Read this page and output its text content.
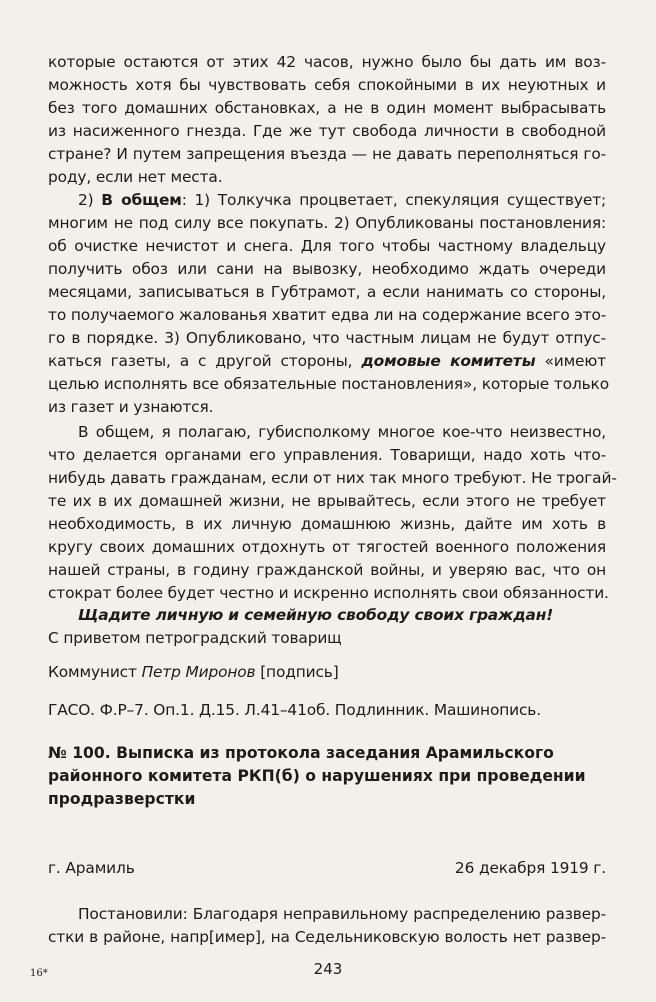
которые остаются от этих 42 часов, нужно было бы дать им воз-
можность хотя бы чувствовать себя спокойными в их неуютных и
без того домашних обстановках, а не в один момент выбрасывать
из насиженного гнезда. Где же тут свобода личности в свободной
стране? И путем запрещения въезда — не давать переполняться го-
роду, если нет места.
2) В общем: 1) Толкучка процветает, спекуляция существует;
многим не под силу все покупать. 2) Опубликованы постановления:
об очистке нечистот и снега. Для того чтобы частному владельцу
получить обоз или сани на вывозку, необходимо ждать очереди
месяцами, записываться в Губтрамот, а если нанимать со стороны,
то получаемого жалованья хватит едва ли на содержание всего это-
го в порядке. 3) Опубликовано, что частным лицам не будут отпус-
каться газеты, а с другой стороны, домовые комитеты «имеют
целью исполнять все обязательные постановления», которые только
из газет и узнаются.
В общем, я полагаю, губисполкому многое кое-что неизвестно,
что делается органами его управления. Товарищи, надо хоть что-
нибудь давать гражданам, если от них так много требуют. Не трогай-
те их в их домашней жизни, не врывайтесь, если этого не требует
необходимость, в их личную домашнюю жизнь, дайте им хоть в
кругу своих домашних отдохнуть от тягостей военного положения
нашей страны, в годину гражданской войны, и уверяю вас, что он
стократ более будет честно и искренно исполнять свои обязанности.
Щадите личную и семейную свободу своих граждан!
С приветом петроградский товарищ
Коммунист Петр Миронов [подпись]
ГАСО. Ф.Р–7. Оп.1. Д.15. Л.41–41об. Подлинник. Машинопись.
№ 100. Выписка из протокола заседания Арамильского
районного комитета РКП(б) о нарушениях при проведении
продразверстки
г. Арамиль	26 декабря 1919 г.
Постановили: Благодаря неправильному распределению развер-
стки в районе, напр[имер], на Седельниковскую волость нет развер-
243
16*
